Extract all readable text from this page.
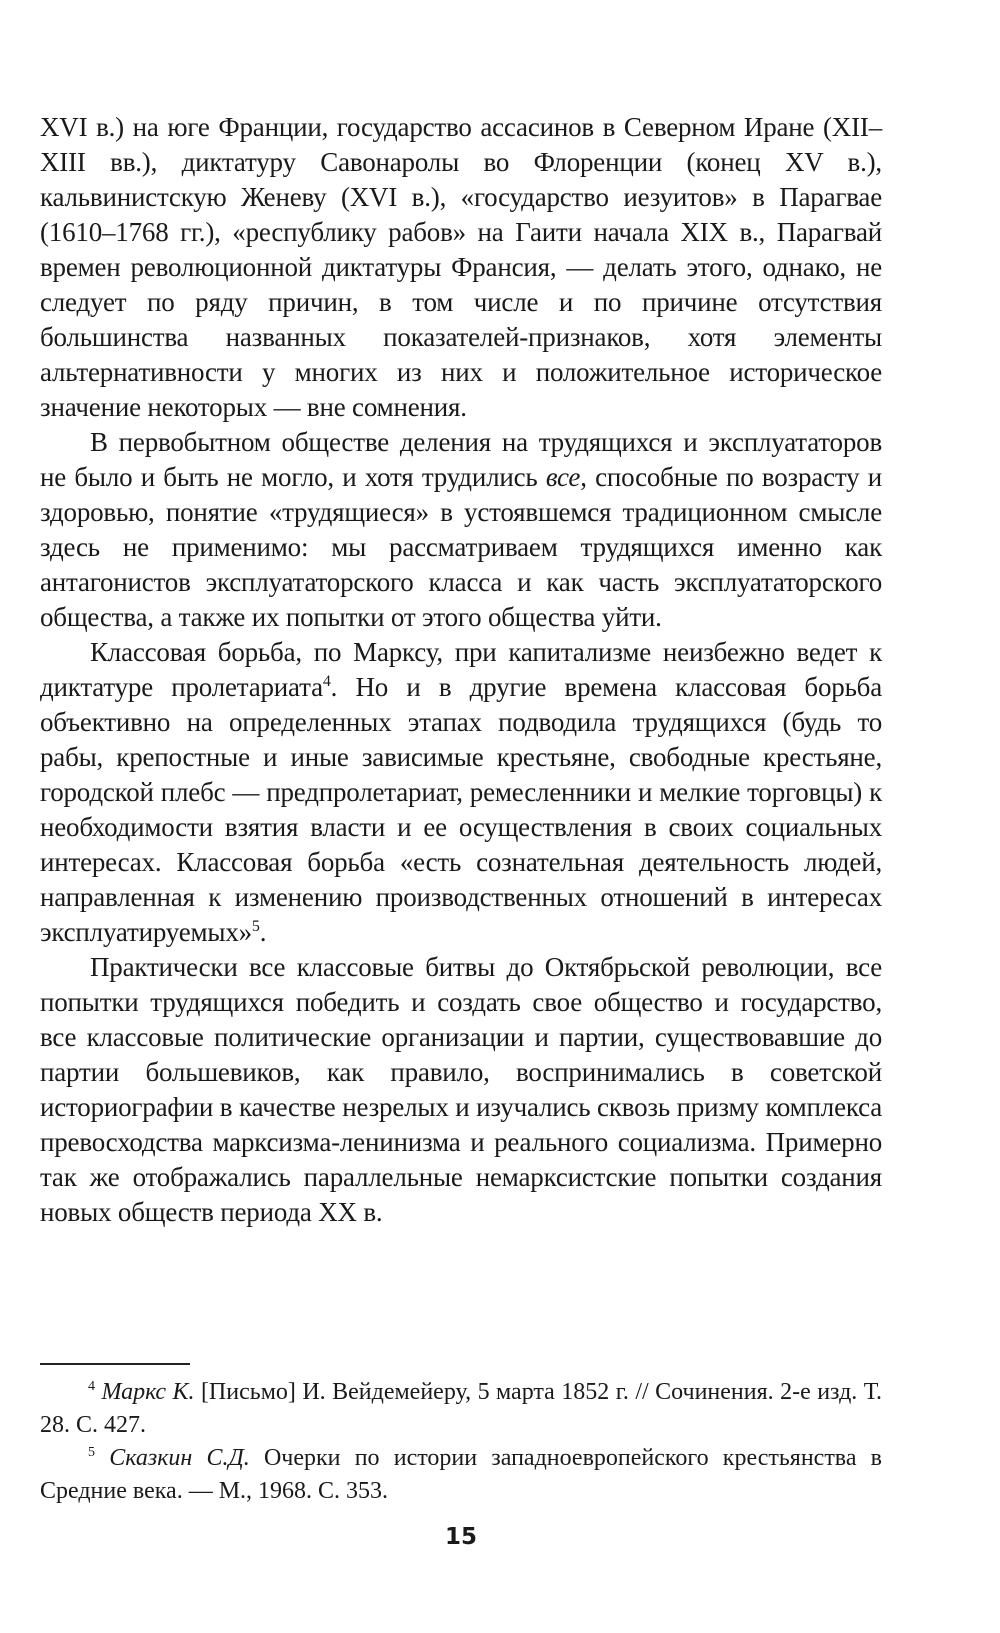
XVI в.) на юге Франции, государство ассасинов в Северном Иране (XII–XIII вв.), диктатуру Савонаролы во Флоренции (конец XV в.), кальвинистскую Женеву (XVI в.), «государство иезуитов» в Парагвае (1610–1768 гг.), «республику рабов» на Гаити начала XIX в., Парагвай времен революционной диктатуры Франсия, — делать этого, однако, не следует по ряду причин, в том числе и по причине отсутствия большинства названных показателей-признаков, хотя элементы альтернативности у многих из них и положительное историческое значение некоторых — вне сомнения.

В первобытном обществе деления на трудящихся и эксплуататоров не было и быть не могло, и хотя трудились все, способные по возрасту и здоровью, понятие «трудящиеся» в устоявшемся традиционном смысле здесь не применимо: мы рассматриваем трудящихся именно как антагонистов эксплуататорского класса и как часть эксплуататорского общества, а также их попытки от этого общества уйти.

Классовая борьба, по Марксу, при капитализме неизбежно ведет к диктатуре пролетариата$^4$. Но и в другие времена классовая борьба объективно на определенных этапах подводила трудящихся (будь то рабы, крепостные и иные зависимые крестьяне, свободные крестьяне, городской плебс — предпролетариат, ремесленники и мелкие торговцы) к необходимости взятия власти и ее осуществления в своих социальных интересах. Классовая борьба «есть сознательная деятельность людей, направленная к изменению производственных отношений в интересах эксплуатируемых»$^5$.

Практически все классовые битвы до Октябрьской революции, все попытки трудящихся победить и создать свое общество и государство, все классовые политические организации и партии, существовавшие до партии большевиков, как правило, воспринимались в советской историографии в качестве незрелых и изучались сквозь призму комплекса превосходства марксизма-ленинизма и реального социализма. Примерно так же отображались параллельные немарксистские попытки создания новых обществ периода XX в.

$^4$ Маркс К. [Письмо] И. Вейдемейеру, 5 марта 1852 г. // Сочинения. 2-е изд. Т. 28. С. 427.

$^5$ Сказкин С.Д. Очерки по истории западноевропейского крестьянства в Средние века. — М., 1968. С. 353.

15
